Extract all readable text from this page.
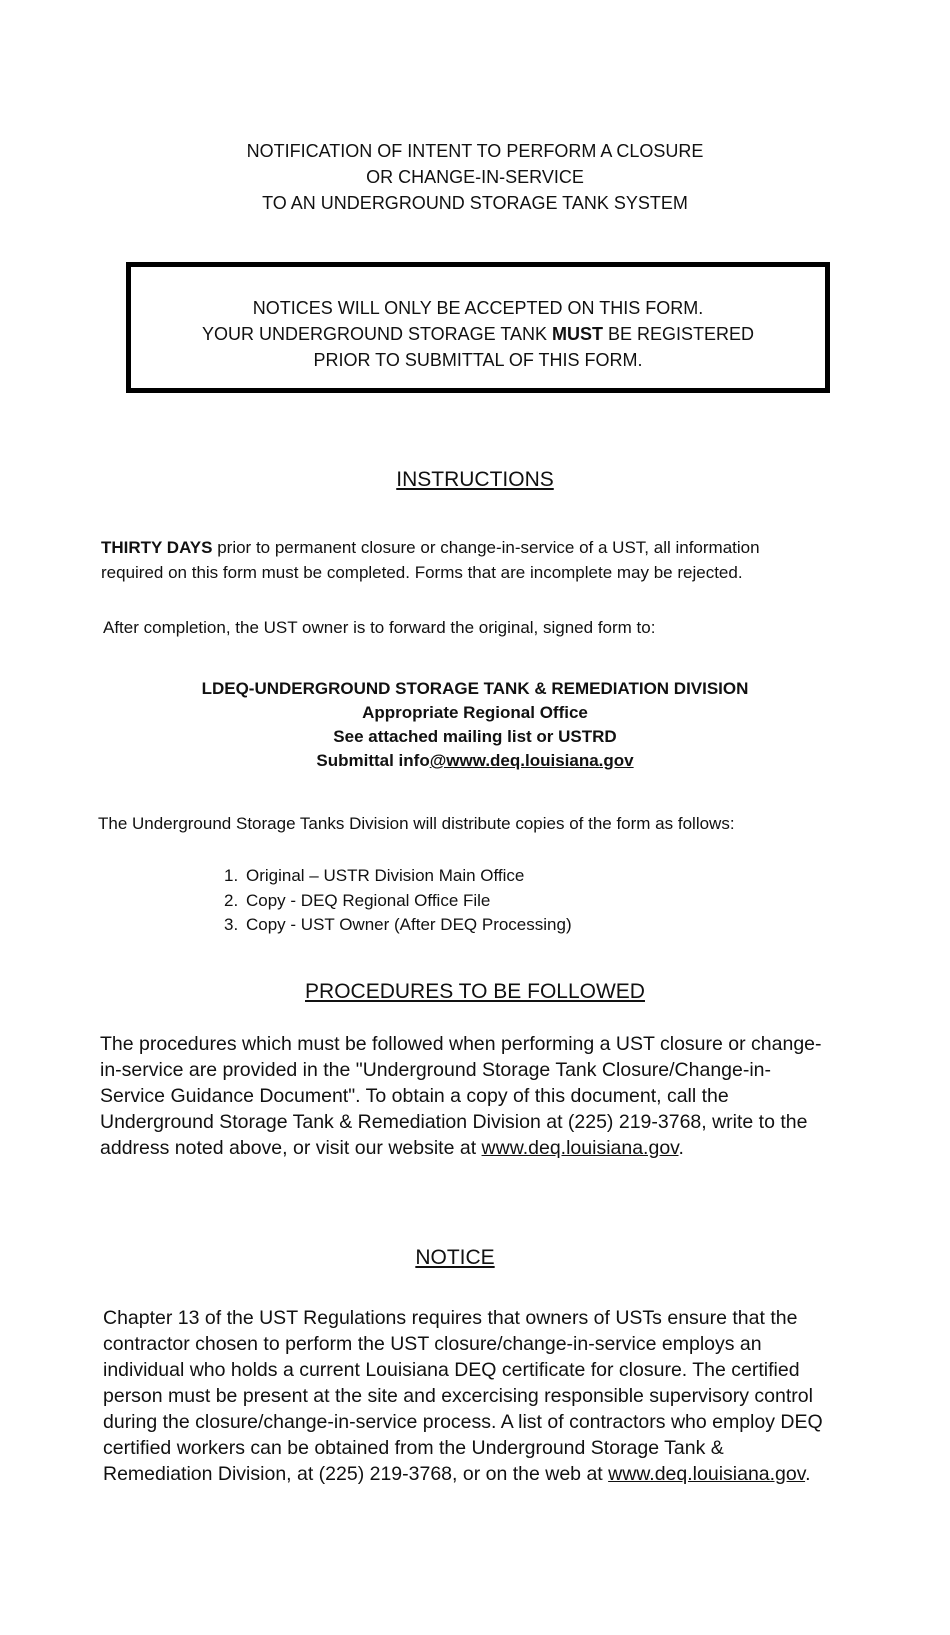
NOTIFICATION OF INTENT TO PERFORM A CLOSURE
OR CHANGE-IN-SERVICE
TO AN UNDERGROUND STORAGE TANK SYSTEM
NOTICES WILL ONLY BE ACCEPTED ON THIS FORM.
YOUR UNDERGROUND STORAGE TANK MUST BE REGISTERED
PRIOR TO SUBMITTAL OF THIS FORM.
INSTRUCTIONS
THIRTY DAYS prior to permanent closure or change-in-service of a UST, all information
required on this form must be completed. Forms that are incomplete may be rejected.
After completion, the UST owner is to forward the original, signed form to:
LDEQ-UNDERGROUND STORAGE TANK & REMEDIATION DIVISION
Appropriate Regional Office
See attached mailing list or USTRD
Submittal info@www.deq.louisiana.gov
The Underground Storage Tanks Division will distribute copies of the form as follows:
1. Original – USTR Division Main Office
2. Copy - DEQ Regional Office File
3. Copy - UST Owner (After DEQ Processing)
PROCEDURES TO BE FOLLOWED
The procedures which must be followed when performing a UST closure or change-
in-service are provided in the "Underground Storage Tank Closure/Change-in-
Service Guidance Document". To obtain a copy of this document, call the
Underground Storage Tank & Remediation Division at (225) 219-3768, write to the
address noted above, or visit our website at www.deq.louisiana.gov.
NOTICE
Chapter 13 of the UST Regulations requires that owners of USTs ensure that the
contractor chosen to perform the UST closure/change-in-service employs an
individual who holds a current Louisiana DEQ certificate for closure. The certified
person must be present at the site and excercising responsible supervisory control
during the closure/change-in-service process. A list of contractors who employ DEQ
certified workers can be obtained from the Underground Storage Tank &
Remediation Division, at (225) 219-3768, or on the web at www.deq.louisiana.gov.
